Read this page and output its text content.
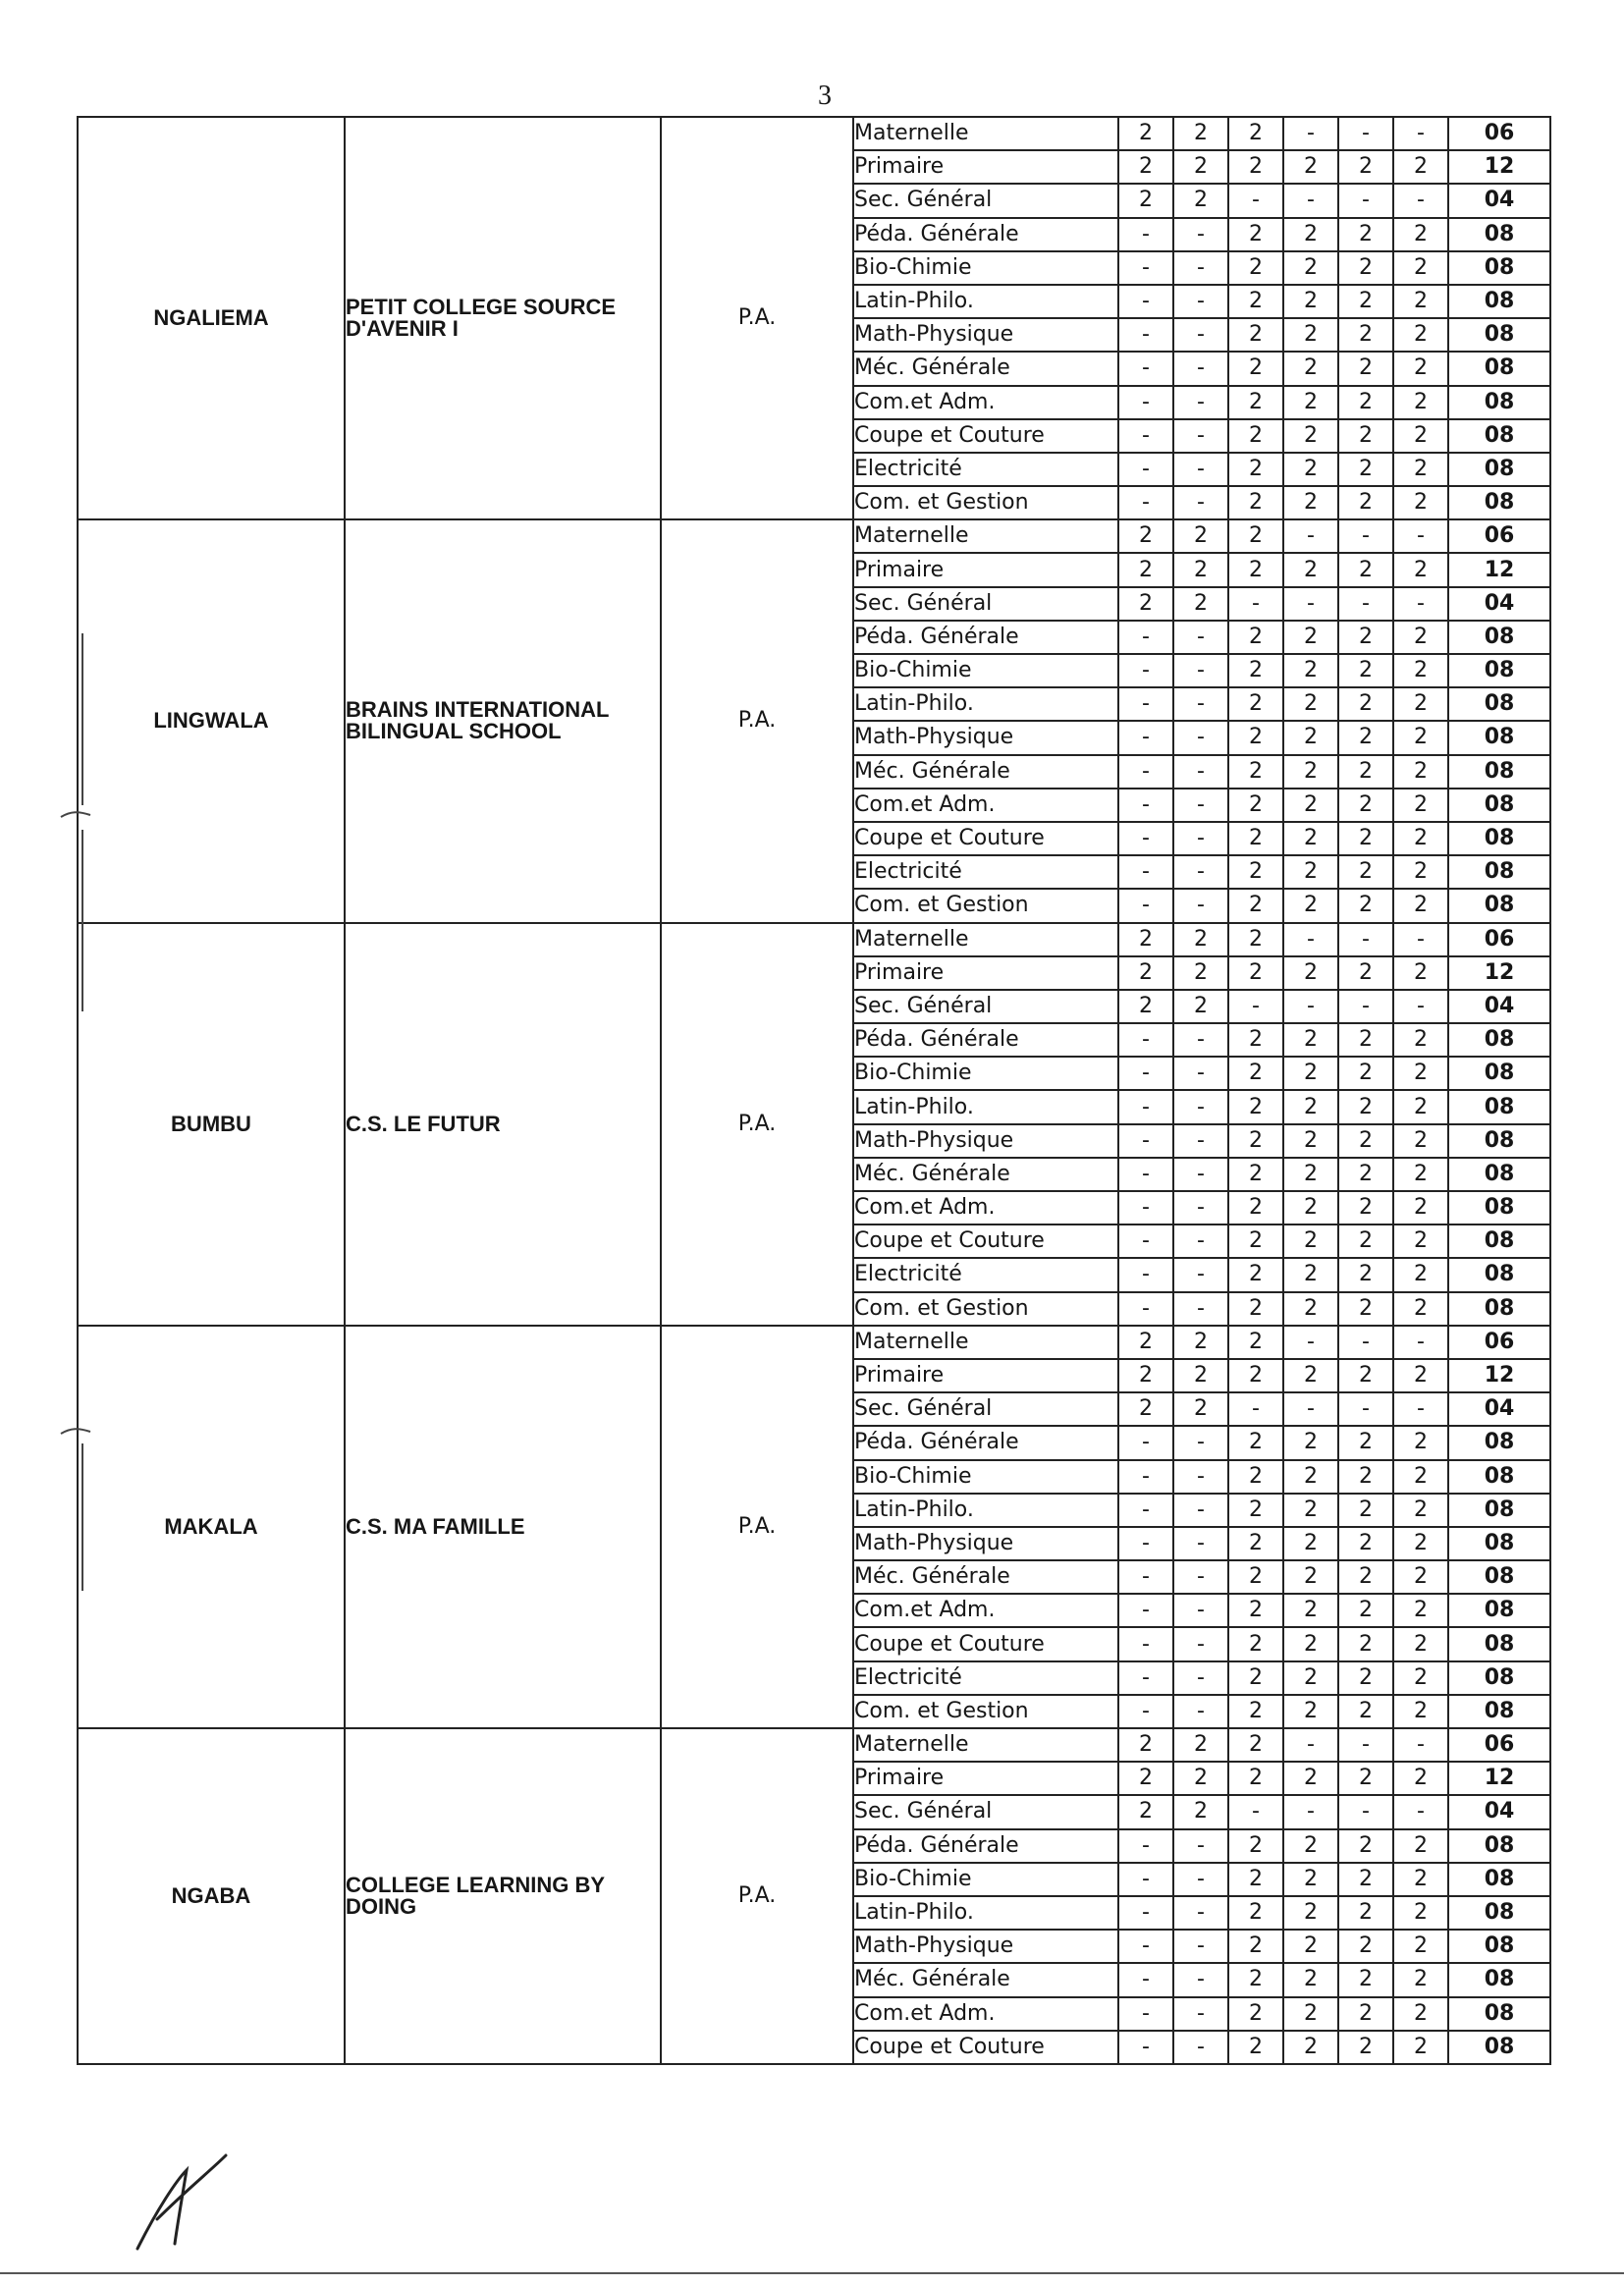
3
NGALIEMA	PETIT COLLEGE SOURCE D'AVENIR I	P.A.	Maternelle	2	2	2	-	-	-	06
			Primaire	2	2	2	2	2	2	12
			Sec. Général	2	2	-	-	-	-	04
			Péda. Générale	-	-	2	2	2	2	08
			Bio-Chimie	-	-	2	2	2	2	08
			Latin-Philo.	-	-	2	2	2	2	08
			Math-Physique	-	-	2	2	2	2	08
			Méc. Générale	-	-	2	2	2	2	08
			Com.et Adm.	-	-	2	2	2	2	08
			Coupe et Couture	-	-	2	2	2	2	08
			Electricité	-	-	2	2	2	2	08
			Com. et Gestion	-	-	2	2	2	2	08
LINGWALA	BRAINS INTERNATIONAL BILINGUAL SCHOOL	P.A.	Maternelle	2	2	2	-	-	-	06
			Primaire	2	2	2	2	2	2	12
			Sec. Général	2	2	-	-	-	-	04
			Péda. Générale	-	-	2	2	2	2	08
			Bio-Chimie	-	-	2	2	2	2	08
			Latin-Philo.	-	-	2	2	2	2	08
			Math-Physique	-	-	2	2	2	2	08
			Méc. Générale	-	-	2	2	2	2	08
			Com.et Adm.	-	-	2	2	2	2	08
			Coupe et Couture	-	-	2	2	2	2	08
			Electricité	-	-	2	2	2	2	08
			Com. et Gestion	-	-	2	2	2	2	08
BUMBU	C.S. LE FUTUR	P.A.	Maternelle	2	2	2	-	-	-	06
			Primaire	2	2	2	2	2	2	12
			Sec. Général	2	2	-	-	-	-	04
			Péda. Générale	-	-	2	2	2	2	08
			Bio-Chimie	-	-	2	2	2	2	08
			Latin-Philo.	-	-	2	2	2	2	08
			Math-Physique	-	-	2	2	2	2	08
			Méc. Générale	-	-	2	2	2	2	08
			Com.et Adm.	-	-	2	2	2	2	08
			Coupe et Couture	-	-	2	2	2	2	08
			Electricité	-	-	2	2	2	2	08
			Com. et Gestion	-	-	2	2	2	2	08
MAKALA	C.S. MA FAMILLE	P.A.	Maternelle	2	2	2	-	-	-	06
			Primaire	2	2	2	2	2	2	12
			Sec. Général	2	2	-	-	-	-	04
			Péda. Générale	-	-	2	2	2	2	08
			Bio-Chimie	-	-	2	2	2	2	08
			Latin-Philo.	-	-	2	2	2	2	08
			Math-Physique	-	-	2	2	2	2	08
			Méc. Générale	-	-	2	2	2	2	08
			Com.et Adm.	-	-	2	2	2	2	08
			Coupe et Couture	-	-	2	2	2	2	08
			Electricité	-	-	2	2	2	2	08
			Com. et Gestion	-	-	2	2	2	2	08
NGABA	COLLEGE LEARNING BY DOING	P.A.	Maternelle	2	2	2	-	-	-	06
			Primaire	2	2	2	2	2	2	12
			Sec. Général	2	2	-	-	-	-	04
			Péda. Générale	-	-	2	2	2	2	08
			Bio-Chimie	-	-	2	2	2	2	08
			Latin-Philo.	-	-	2	2	2	2	08
			Math-Physique	-	-	2	2	2	2	08
			Méc. Générale	-	-	2	2	2	2	08
			Com.et Adm.	-	-	2	2	2	2	08
			Coupe et Couture	-	-	2	2	2	2	08
